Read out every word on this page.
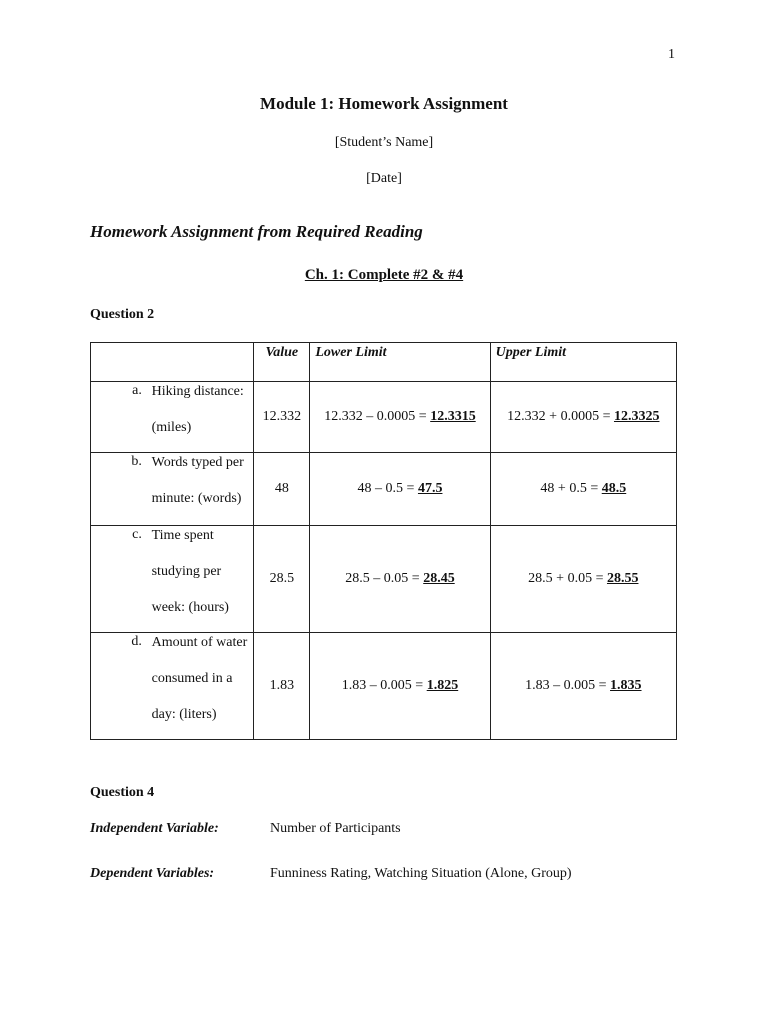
1
Module 1: Homework Assignment
[Student’s Name]
[Date]
Homework Assignment from Required Reading
Ch. 1: Complete #2 & #4
Question 2
	Value	Lower Limit	Upper Limit

a. Hiking distance:
(miles)	12.332	12.332 – 0.0005 = 12.3315	12.332 + 0.0005 = 12.3325

b. Words typed per
minute: (words)	48	48 – 0.5 = 47.5	48 + 0.5 = 48.5

c. Time spent
studying per
week: (hours)	28.5	28.5 – 0.05 = 28.45	28.5 + 0.05 = 28.55

d. Amount of water
consumed in a
day: (liters)	1.83	1.83 – 0.005 = 1.825	1.83 – 0.005 = 1.835
Question 4
Independent Variable:	Number of Participants
Dependent Variables:	Funniness Rating, Watching Situation (Alone, Group)
